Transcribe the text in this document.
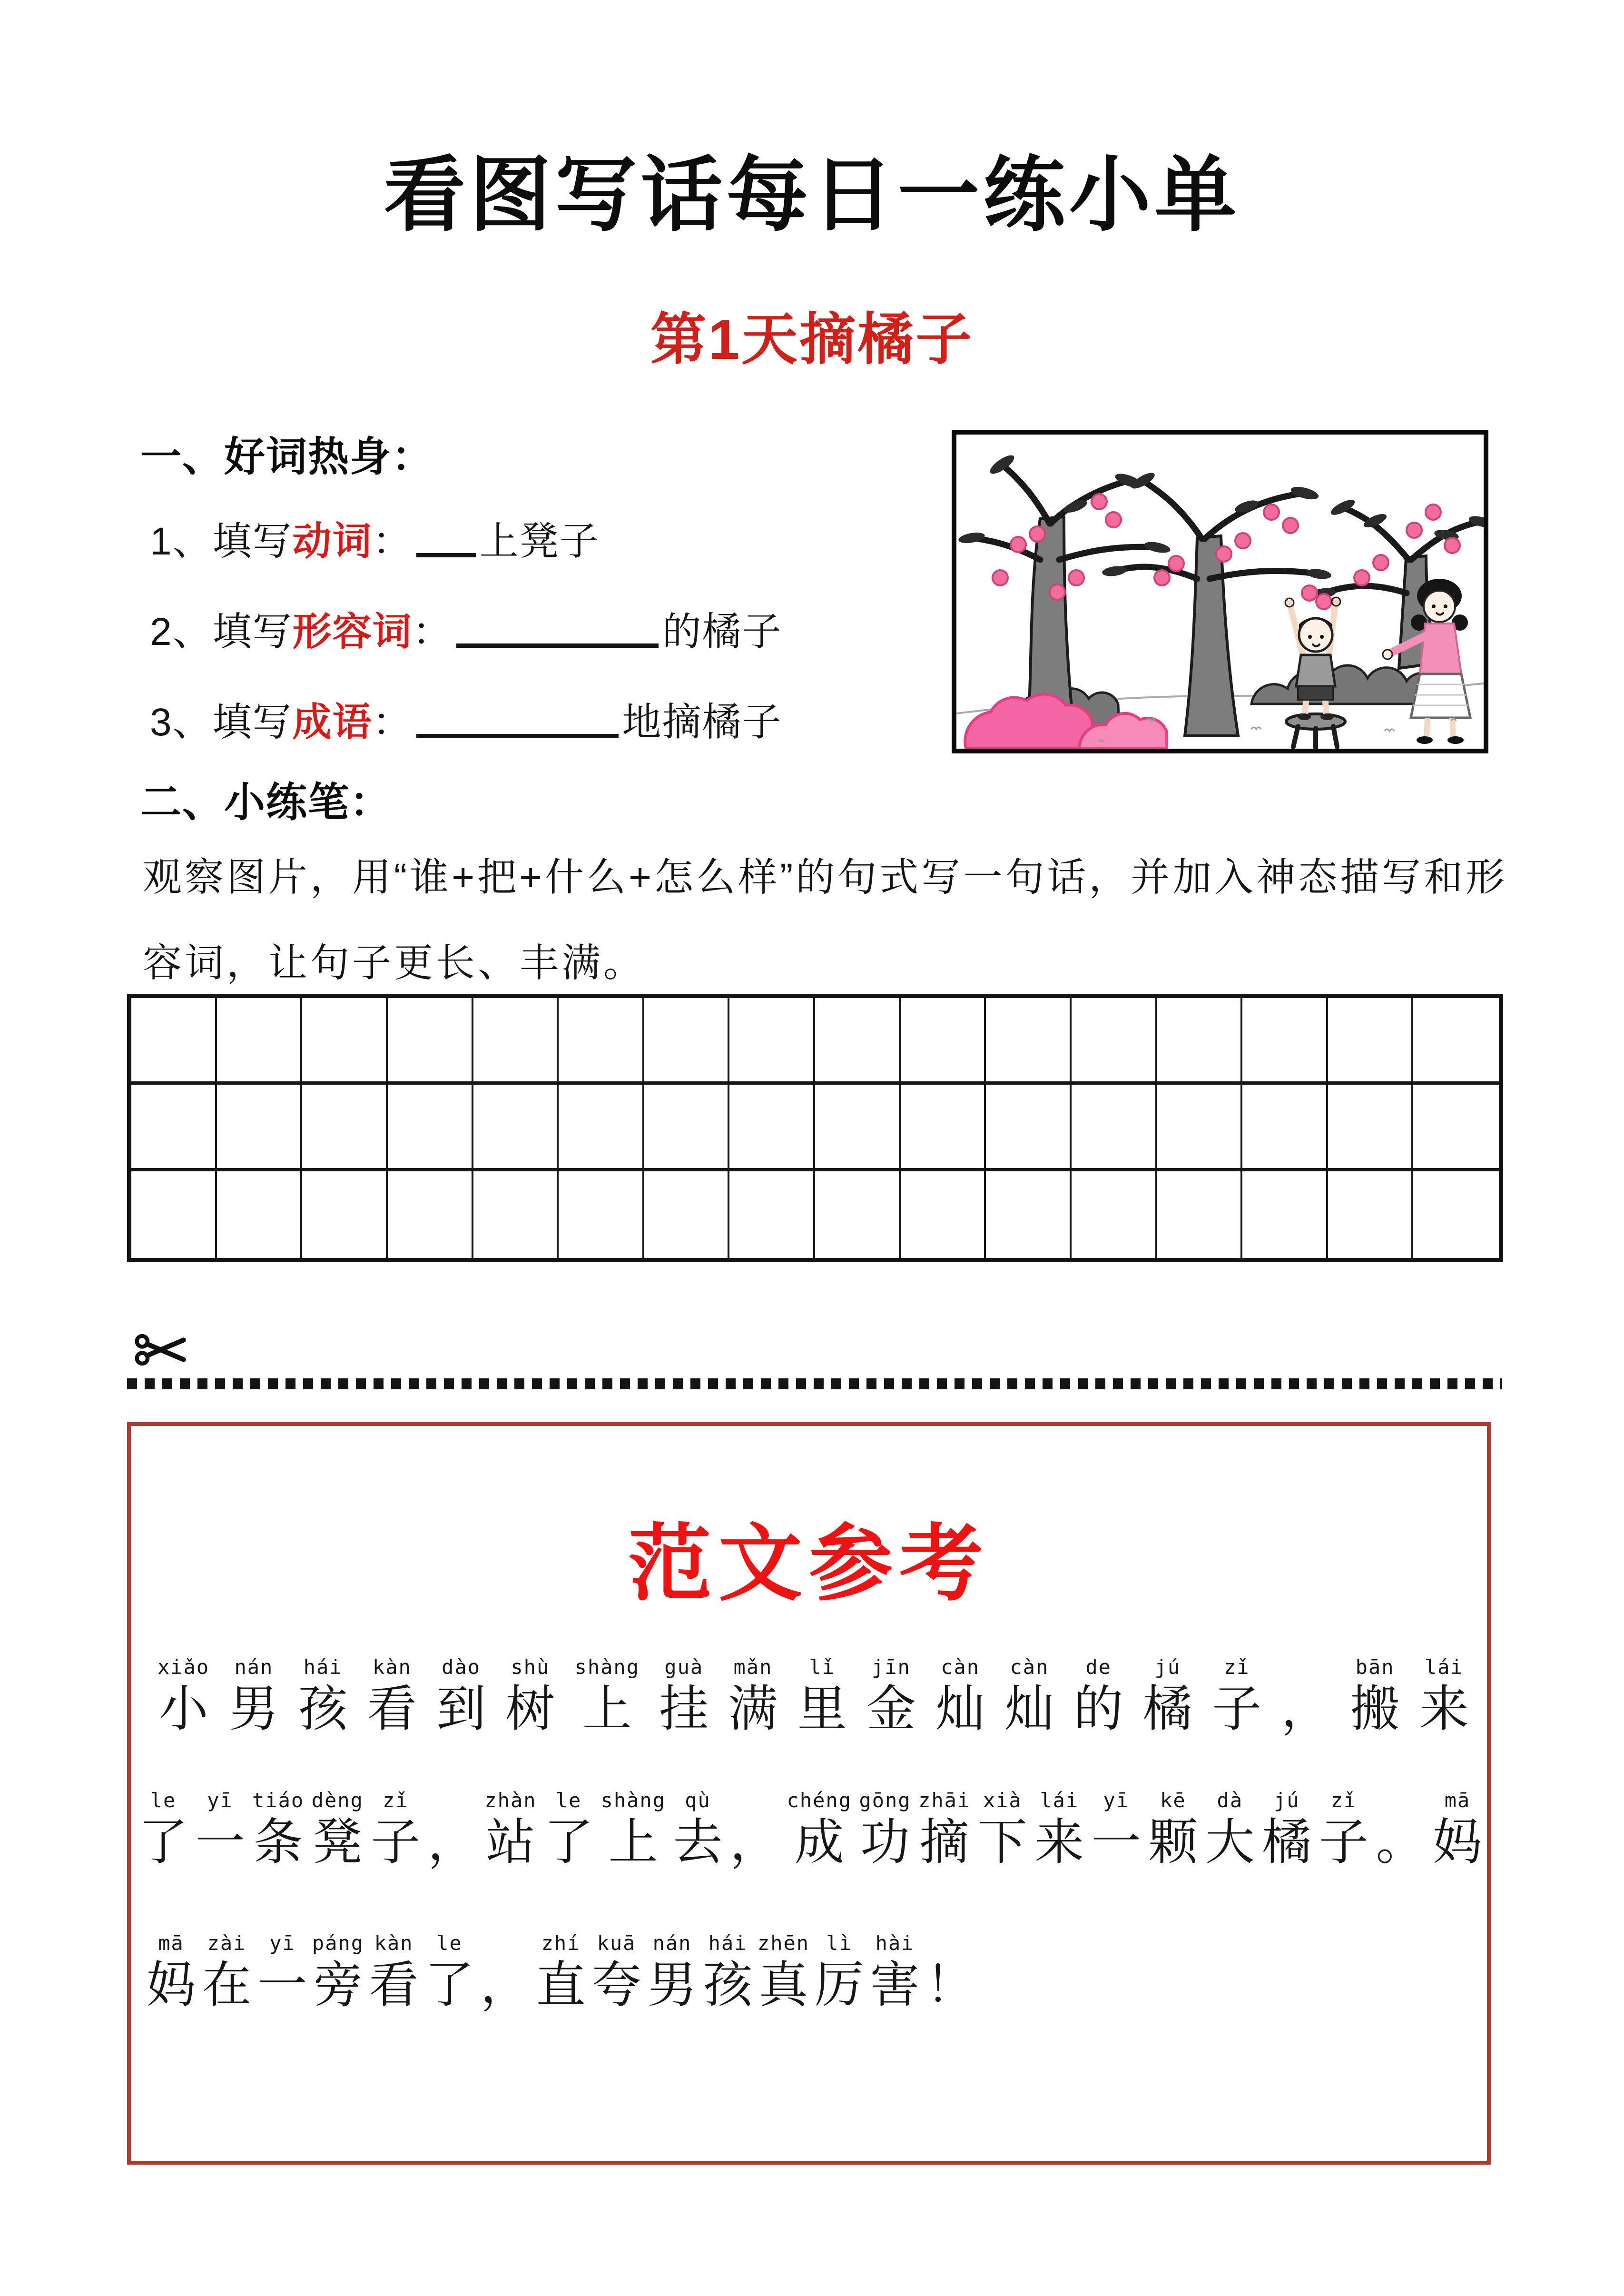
看图写话每日一练小单
第1天摘橘子
一、好词热身：
1、填写动词： 上凳子
2、填写形容词：	的橘子
3、填写成语：	地摘橘子
二、小练笔：
观察图片，用“谁+把+什么+怎么样”的句式写一句话，并加入神态描写和形
容词，让句子更长、丰满。
范文参考
xiǎo
小
nán
男
hái
孩
kàn
看
dào
到
shù
树
shàng
上
guà
挂
mǎn
满
lǐ
里
jīn
金
càn
灿
càn
灿
de
的
jú
橘
zǐ
子 ，
bān
搬
lái
来
le
了
yī
一
tiáo
条
dèng
凳
zǐ
子 ，
zhàn
站
le
了
shàng
上
qù
去 ，
chéng
成
gōng
功
zhāi
摘
xià
下
lái
来
yī
一
kē
颗
dà
大
jú
橘
zǐ
子 。
mā
妈
mā
妈
zài
在
yī
一
páng
旁
kàn
看
le
了 ，
zhí
直
kuā
夸
nán
男
hái
孩
zhēn
真
lì
厉
hài
害 ！
